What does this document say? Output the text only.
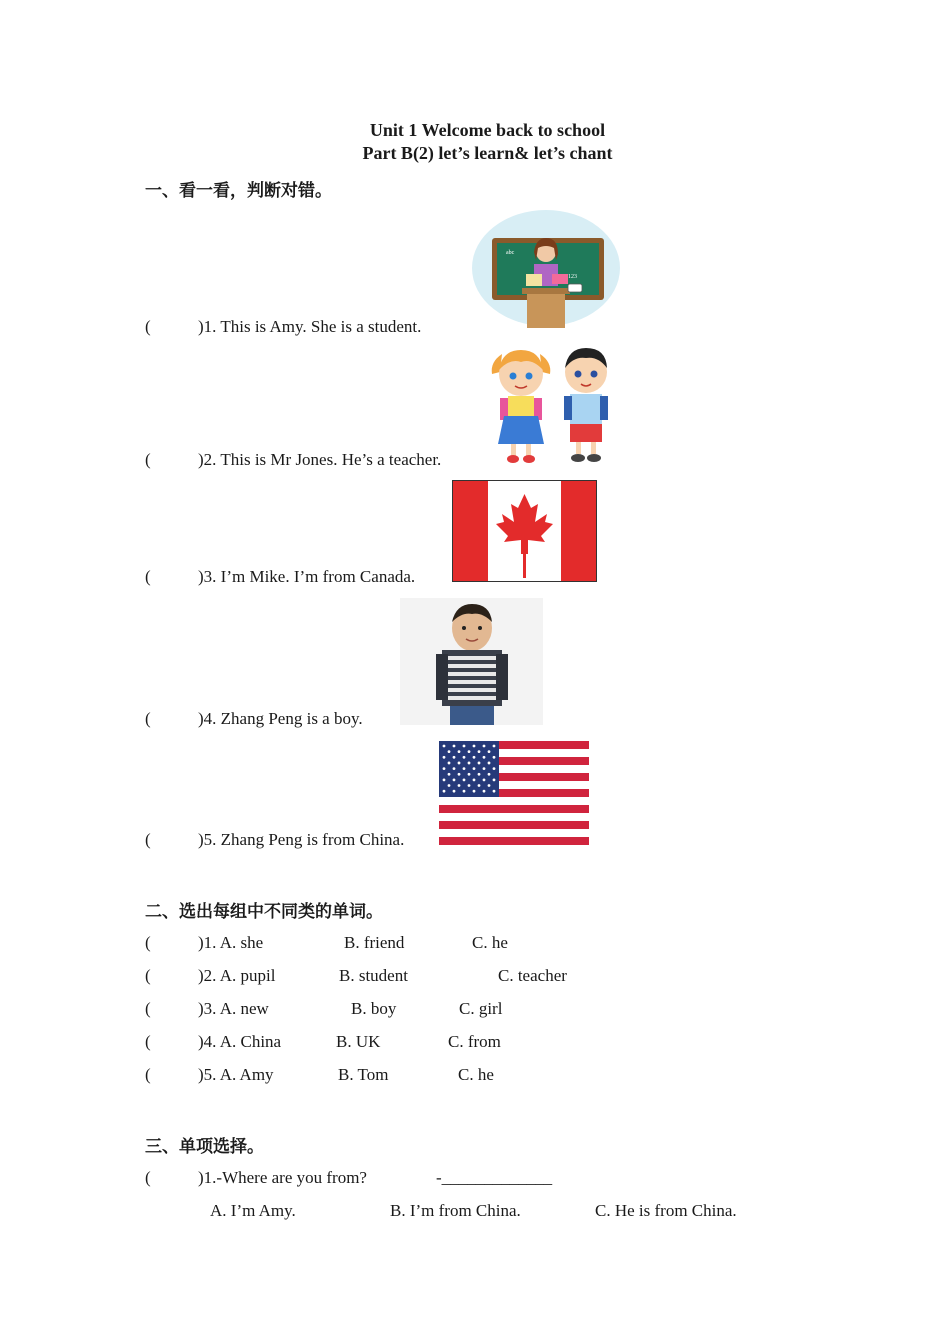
Unit 1 Welcome back to school
Part B(2) let’s learn& let’s chant
一、看一看，判断对错。
abc
123
(	)1. This is Amy. She is a student.
(	)2. This is Mr Jones. He’s a teacher.
(	)3. I’m Mike. I’m from Canada.
(	)4. Zhang Peng is a boy.
(	)5. Zhang Peng is from China.
二、选出每组中不同类的单词。
(	)1. A. she	B. friend	C. he
(	)2. A. pupil	B. student	C. teacher
(	)3. A. new	B. boy	C. girl
(	)4. A. China	B. UK	C. from
(	)5. A. Amy	B. Tom	C. he
三、单项选择。
(	)1.-Where are you from?	-_____________
A. I’m Amy.	B. I’m from China.	C. He is from China.
